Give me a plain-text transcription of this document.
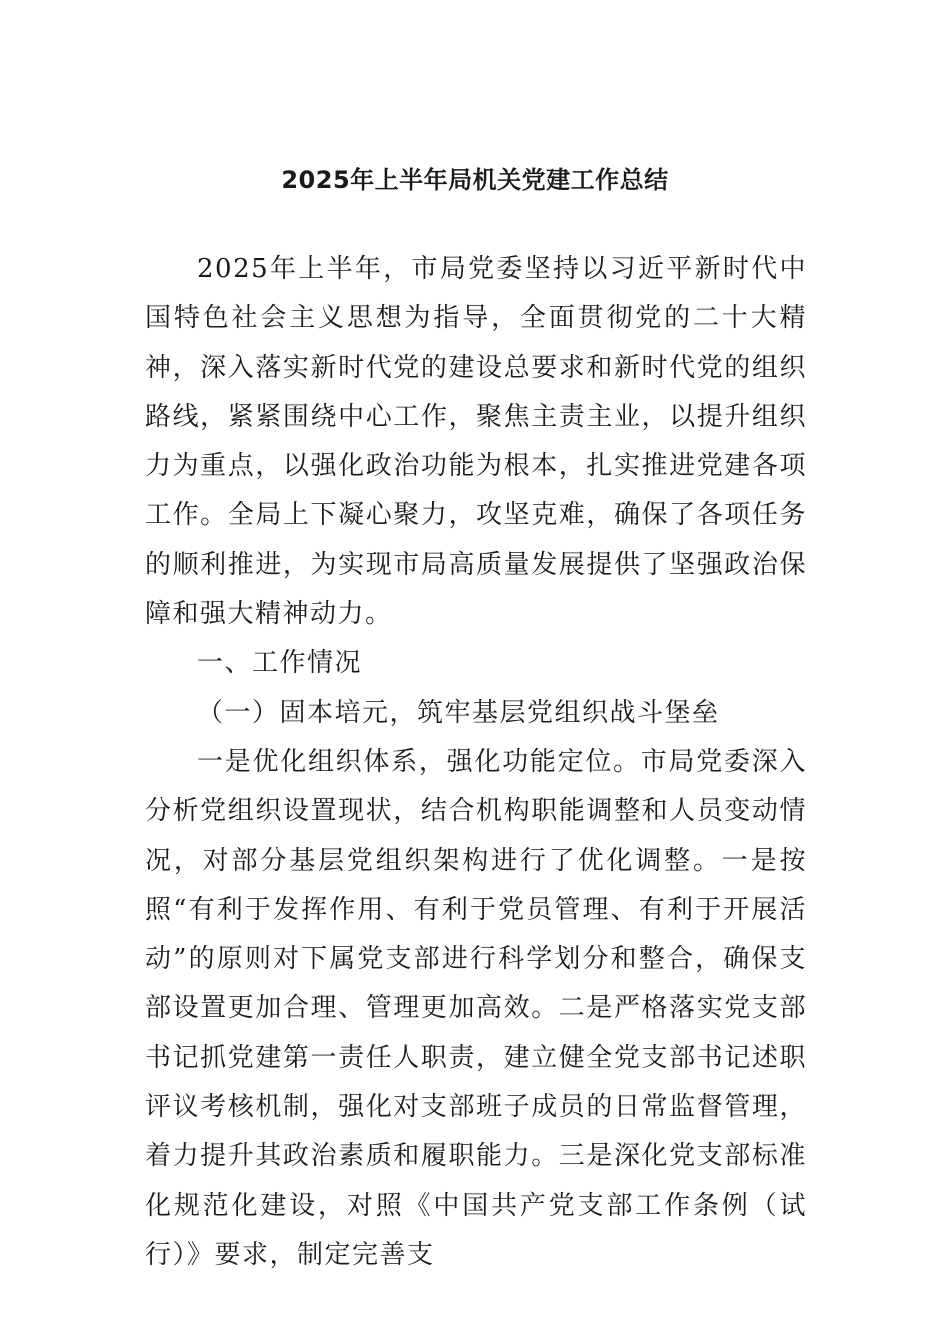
2025年上半年局机关党建工作总结

2025年上半年，市局党委坚持以习近平新时代中国特色社会主义思想为指导，全面贯彻党的二十大精神，深入落实新时代党的建设总要求和新时代党的组织路线，紧紧围绕中心工作，聚焦主责主业，以提升组织力为重点，以强化政治功能为根本，扎实推进党建各项工作。全局上下凝心聚力，攻坚克难，确保了各项任务的顺利推进，为实现市局高质量发展提供了坚强政治保障和强大精神动力。

一、工作情况

（一）固本培元，筑牢基层党组织战斗堡垒

一是优化组织体系，强化功能定位。市局党委深入分析党组织设置现状，结合机构职能调整和人员变动情况，对部分基层党组织架构进行了优化调整。一是按照“有利于发挥作用、有利于党员管理、有利于开展活动”的原则对下属党支部进行科学划分和整合，确保支部设置更加合理、管理更加高效。二是严格落实党支部书记抓党建第一责任人职责，建立健全党支部书记述职评议考核机制，强化对支部班子成员的日常监督管理，着力提升其政治素质和履职能力。三是深化党支部标准化规范化建设，对照《中国共产党支部工作条例（试行）》要求，制定完善支
